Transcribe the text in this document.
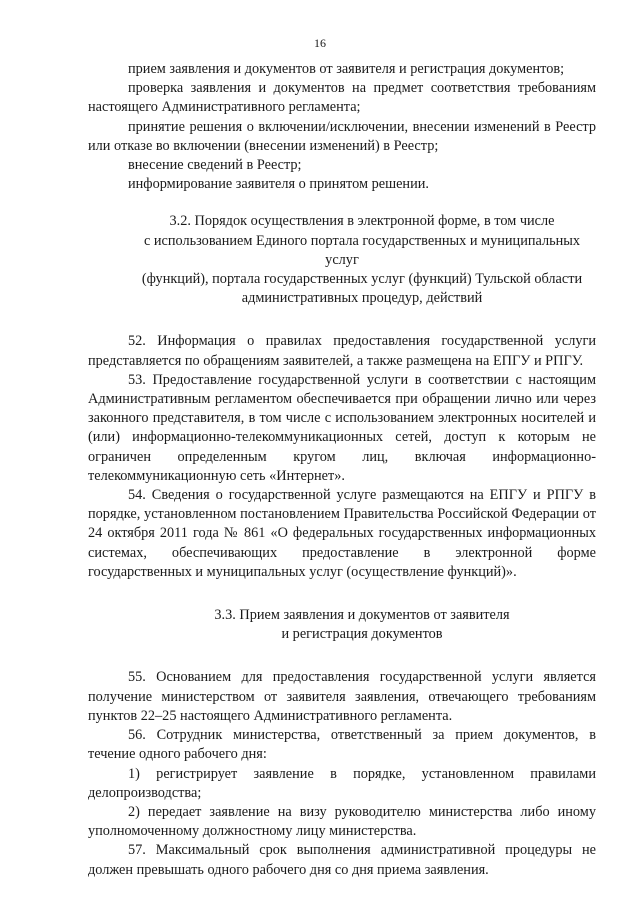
16

прием заявления и документов от заявителя и регистрация документов;

проверка заявления и документов на предмет соответствия требованиям настоящего Административного регламента;

принятие решения о включении/исключении, внесении изменений в Реестр или отказе во включении (внесении изменений) в Реестр;

внесение сведений в Реестр;

информирование заявителя о принятом решении.

3.2. Порядок осуществления в электронной форме, в том числе

с использованием Единого портала государственных и муниципальных услуг

(функций), портала государственных услуг (функций) Тульской области

административных процедур, действий

52. Информация о правилах предоставления государственной услуги представляется по обращениям заявителей, а также размещена на ЕПГУ и РПГУ.

53. Предоставление государственной услуги в соответствии с настоящим Административным регламентом обеспечивается при обращении лично или через законного представителя, в том числе с использованием электронных носителей и (или) информационно-телекоммуникационных сетей, доступ к которым не ограничен определенным кругом лиц, включая информационно-телекоммуникационную сеть «Интернет».

54. Сведения о государственной услуге размещаются на ЕПГУ и РПГУ в порядке, установленном постановлением Правительства Российской Федерации от 24 октября 2011 года № 861 «О федеральных государственных информационных системах, обеспечивающих предоставление в электронной форме государственных и муниципальных услуг (осуществление функций)».

3.3. Прием заявления и документов от заявителя

и регистрация документов

55. Основанием для предоставления государственной услуги является получение министерством от заявителя заявления, отвечающего требованиям пунктов 22–25 настоящего Административного регламента.

56. Сотрудник министерства, ответственный за прием документов, в течение одного рабочего дня:

1) регистрирует заявление в порядке, установленном правилами делопроизводства;

2) передает заявление на визу руководителю министерства либо иному уполномоченному должностному лицу министерства.

57. Максимальный срок выполнения административной процедуры не должен превышать одного рабочего дня со дня приема заявления.
